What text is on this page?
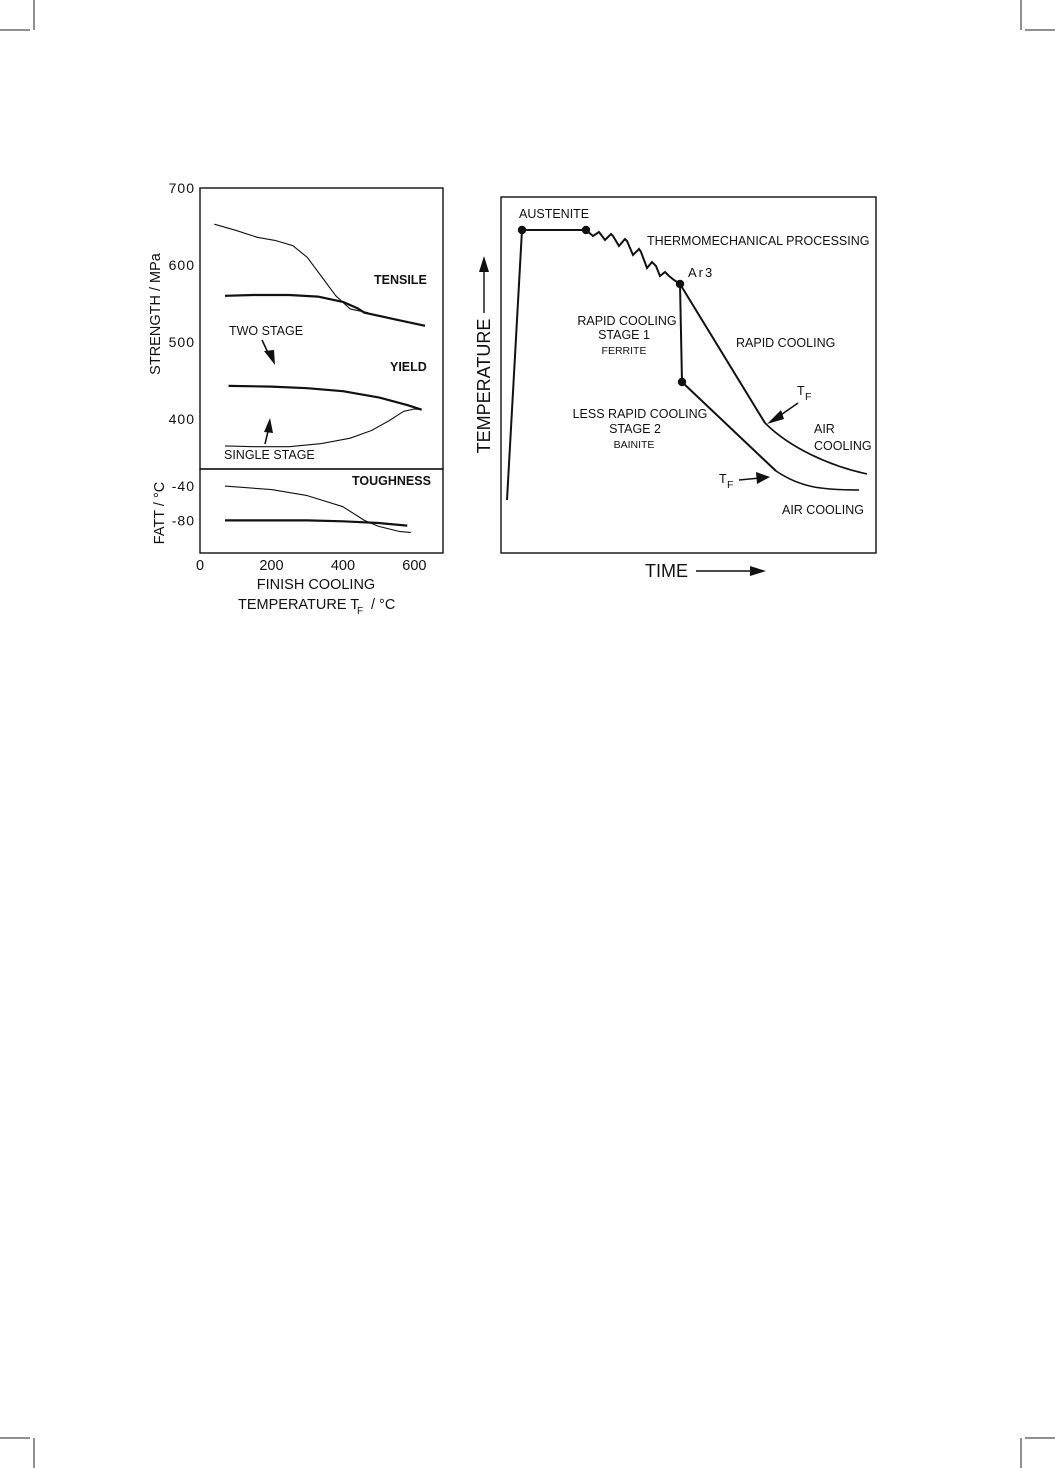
700
600
500
400
STRENGTH / MPa	TENSILE
YIELD
TWO STAGE
SINGLE STAGE
-40
-80
TOUGHNESS
FATT / °C
0	200	400	600
FINISH COOLING
TEMPERATURE T
F / °C
AUSTENITE
THERMOMECHANICAL PROCESSING
Ar3
RAPID COOLING
STAGE 1
FERRITE
RAPID COOLING
T F
AIR
COOLING
LESS RAPID COOLING
STAGE 2
BAINITE
T F
AIR COOLING
TEMPERATURE
TIME
